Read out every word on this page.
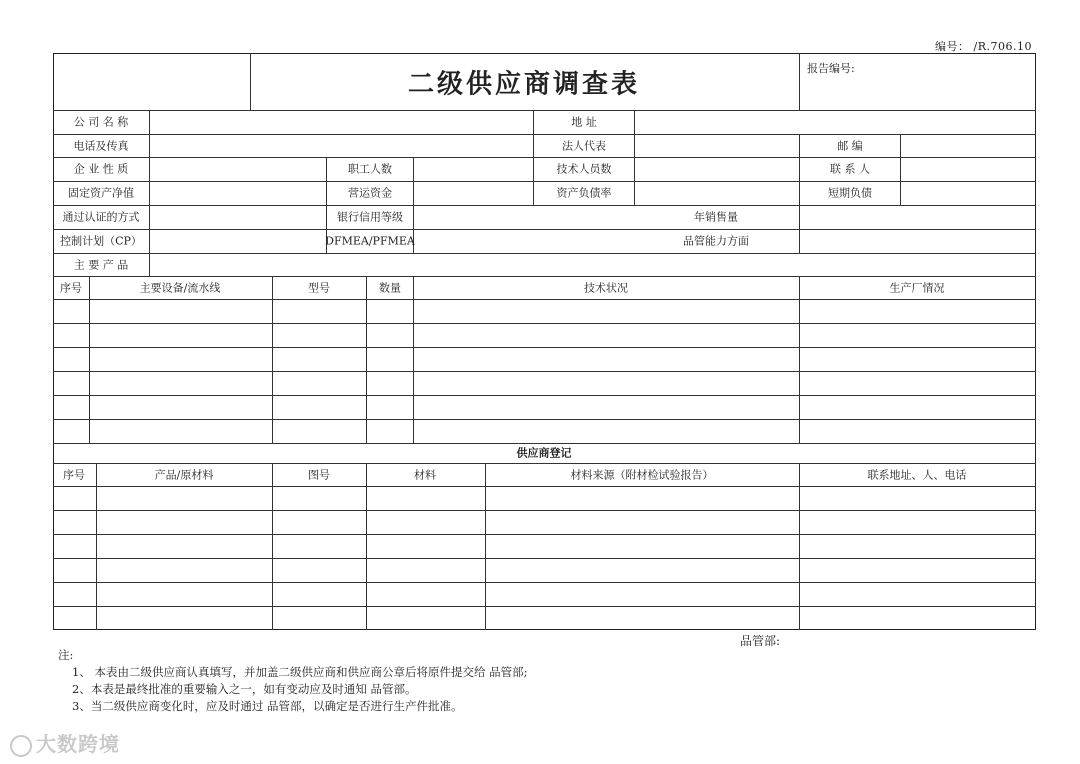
编号： /R.706.10
二级供应商调查表
报告编号:
公 司 名 称	地 址
电话及传真	法人代表	邮 编
企 业 性 质	职工人数	技术人员数	联 系 人
固定资产净值	营运资金	资产负债率	短期负债
通过认证的方式	银行信用等级	年销售量
控制计划（CP）	DFMEA/PFMEA	品管能力方面
主 要 产 品
序号	主要设备/流水线	型号	数量	技术状况	生产厂情况
供应商登记
序号	产品/原材料	图号	材料	材料来源（附材检试验报告）	联系地址、人、电话
品管部:
注:
1、 本表由二级供应商认真填写，并加盖二级供应商和供应商公章后将原件提交给 品管部;
2、本表是最终批准的重要输入之一，如有变动应及时通知 品管部。
3、当二级供应商变化时，应及时通过 品管部，以确定是否进行生产件批准。
大数跨境
